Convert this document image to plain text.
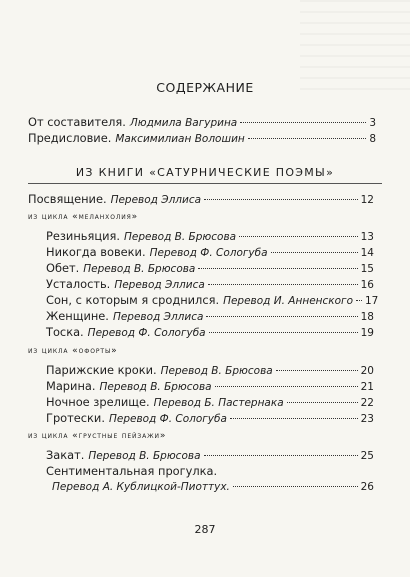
СОДЕРЖАНИЕ
От составителя. Людмила Вагурина	3
Предисловие. Максимилиан Волошин	8
ИЗ КНИГИ «САТУРНИЧЕСКИЕ ПОЭМЫ»
Посвящение. Перевод Эллиса	12
из цикла «меланхолия»
Резиньяция. Перевод В. Брюсова	13
Никогда вовеки. Перевод Ф. Сологуба	14
Обет. Перевод В. Брюсова	15
Усталость. Перевод Эллиса	16
Сон, с которым я сроднился. Перевод И. Анненского 17
Женщине. Перевод Эллиса	18
Тоска. Перевод Ф. Сологуба	19
из цикла «офорты»
Парижские кроки. Перевод В. Брюсова	20
Марина. Перевод В. Брюсова	21
Ночное зрелище. Перевод Б. Пастернака	22
Гротески. Перевод Ф. Сологуба	23
из цикла «грустные пейзажи»
Закат. Перевод В. Брюсова	25
Сентиментальная прогулка.
Перевод А. Кублицкой-Пиоттух.	26
287
